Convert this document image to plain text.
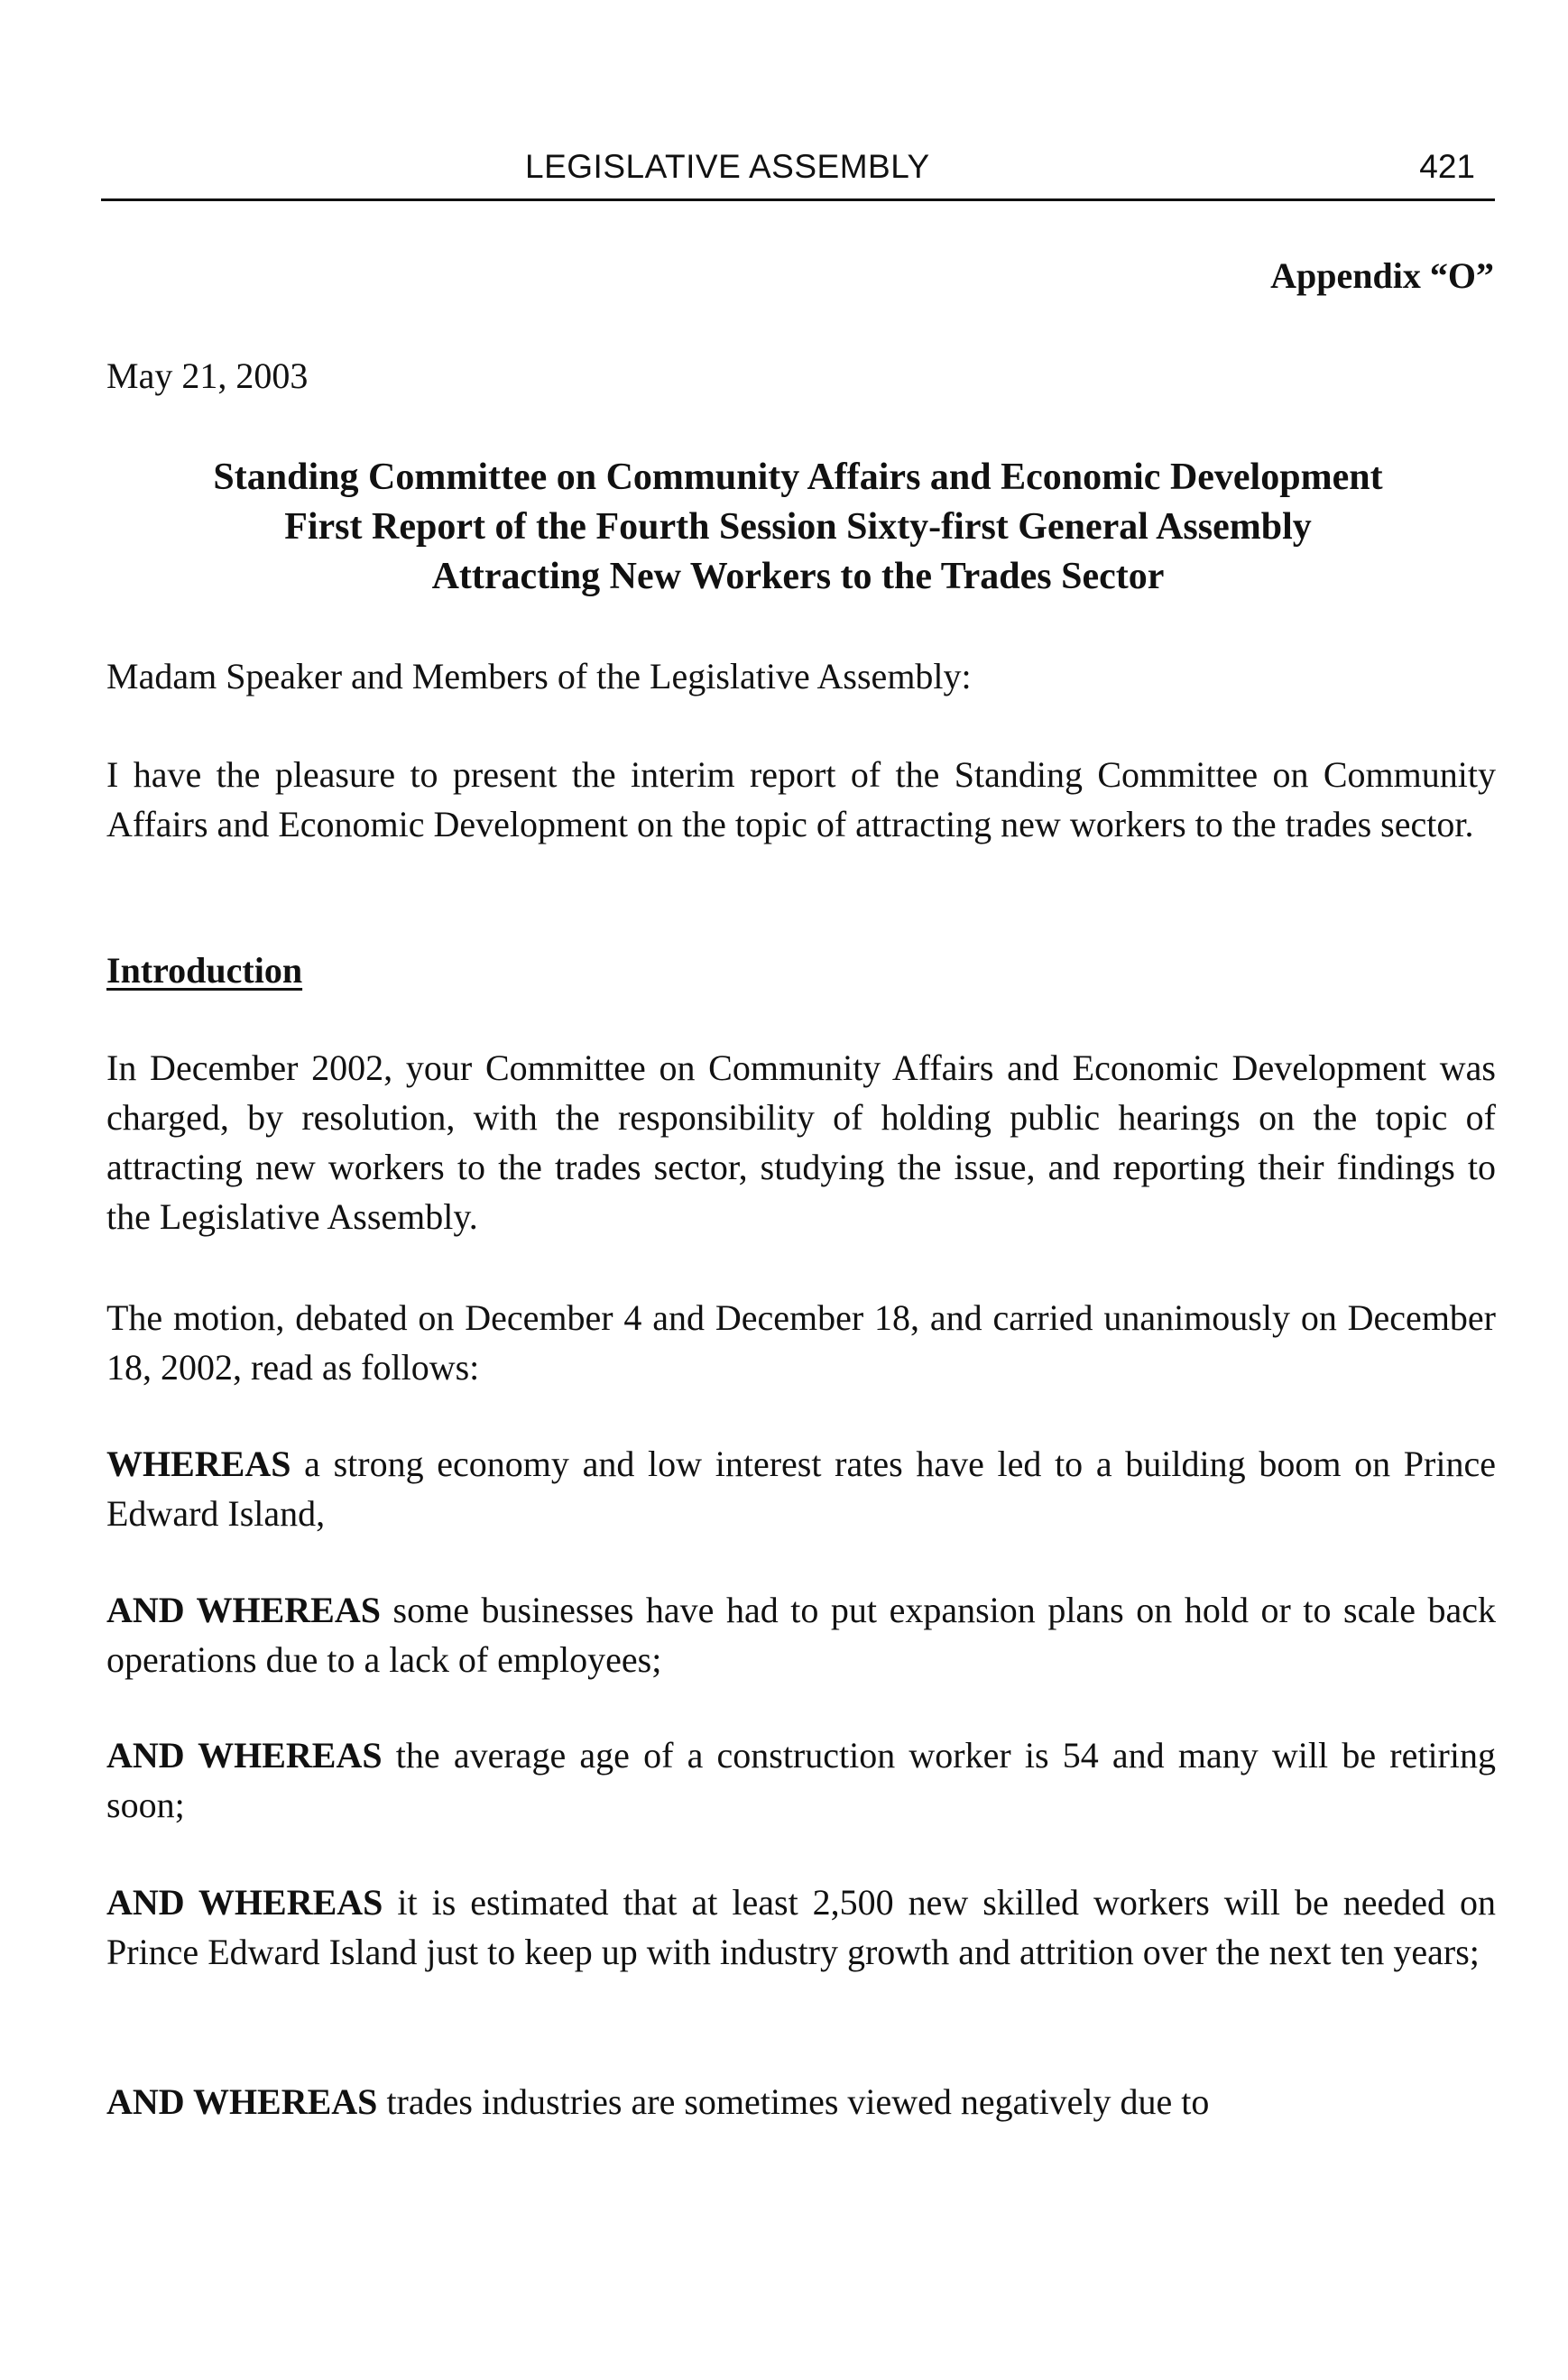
LEGISLATIVE ASSEMBLY	421
Appendix “O”
May 21, 2003
Standing Committee on Community Affairs and Economic Development
First Report of the Fourth Session Sixty-first General Assembly
Attracting New Workers to the Trades Sector
Madam Speaker and Members of the Legislative Assembly:
I have the pleasure to present the interim report of the Standing Committee on Community Affairs and Economic Development on the topic of attracting new workers to the trades sector.
Introduction
In December 2002, your Committee on Community Affairs and Economic Development was charged, by resolution, with the responsibility of holding public hearings on the topic of attracting new workers to the trades sector, studying the issue, and reporting their findings to the Legislative Assembly.
The motion, debated on December 4 and December 18, and carried unanimously on December 18, 2002, read as follows:
WHEREAS a strong economy and low interest rates have led to a building boom on Prince Edward Island,
AND WHEREAS some businesses have had to put expansion plans on hold or to scale back operations due to a lack of employees;
AND WHEREAS the average age of a construction worker is 54 and many will be retiring soon;
AND WHEREAS it is estimated that at least 2,500 new skilled workers will be needed on Prince Edward Island just to keep up with industry growth and attrition over the next ten years;
AND WHEREAS trades industries are sometimes viewed negatively due to
